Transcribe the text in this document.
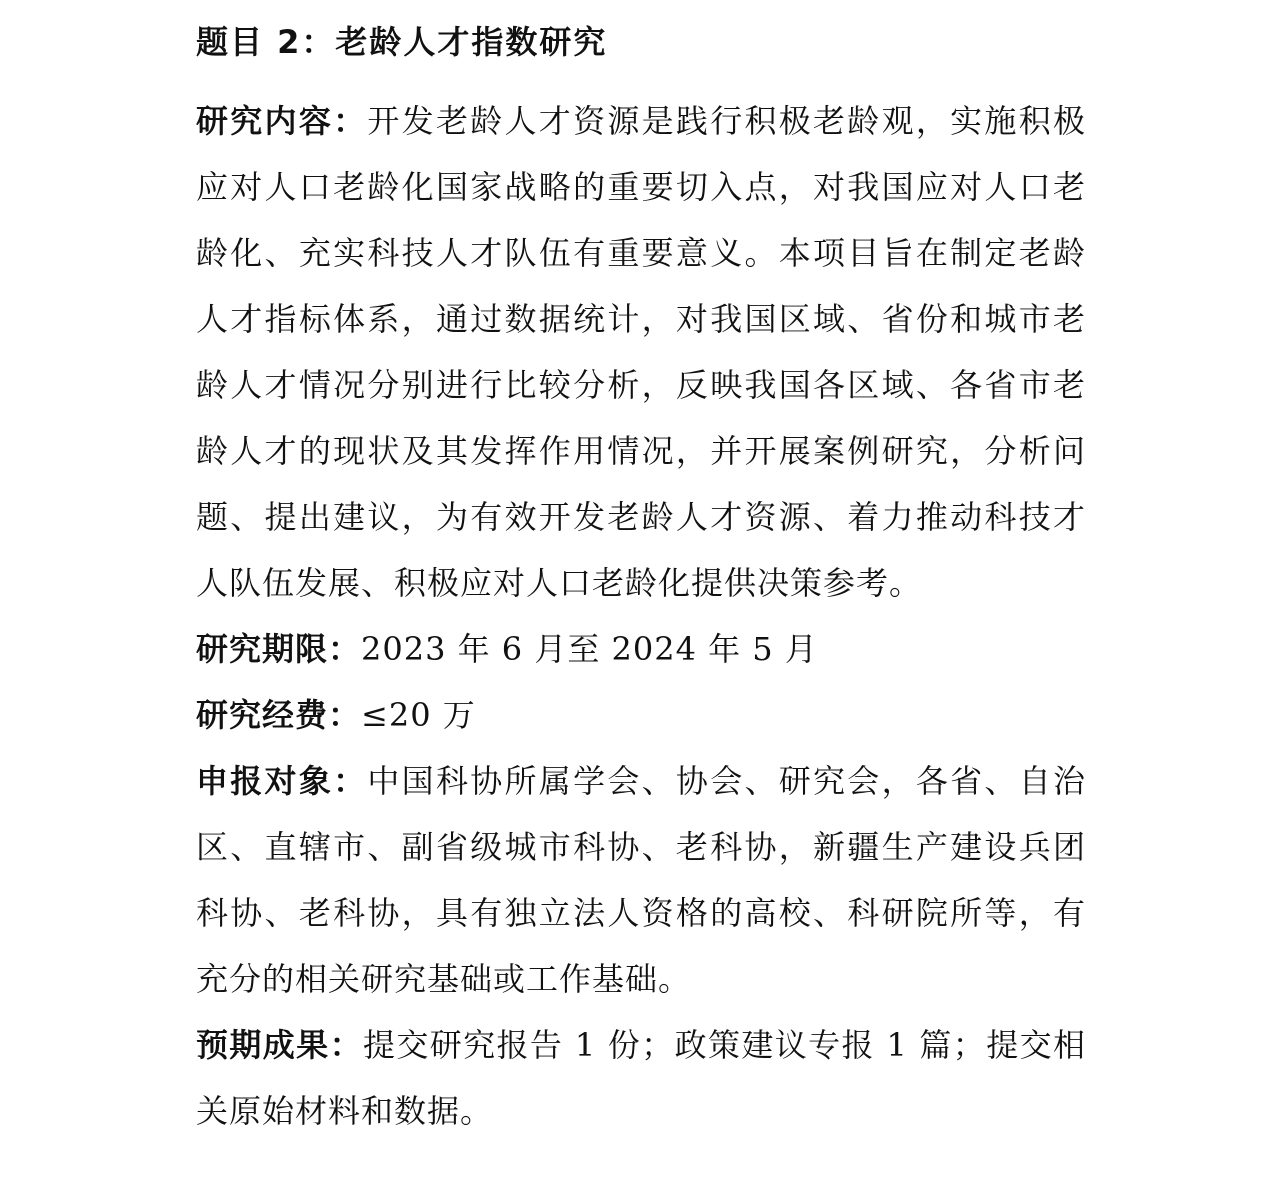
题目 2：老龄人才指数研究

研究内容：开发老龄人才资源是践行积极老龄观，实施积极应对人口老龄化国家战略的重要切入点，对我国应对人口老龄化、充实科技人才队伍有重要意义。本项目旨在制定老龄人才指标体系，通过数据统计，对我国区域、省份和城市老龄人才情况分别进行比较分析，反映我国各区域、各省市老龄人才的现状及其发挥作用情况，并开展案例研究，分析问题、提出建议，为有效开发老龄人才资源、着力推动科技才人队伍发展、积极应对人口老龄化提供决策参考。

研究期限：2023 年 6 月至 2024 年 5 月

研究经费：≤20 万

申报对象：中国科协所属学会、协会、研究会，各省、自治区、直辖市、副省级城市科协、老科协，新疆生产建设兵团科协、老科协，具有独立法人资格的高校、科研院所等，有充分的相关研究基础或工作基础。

预期成果：提交研究报告 1 份；政策建议专报 1 篇；提交相关原始材料和数据。
